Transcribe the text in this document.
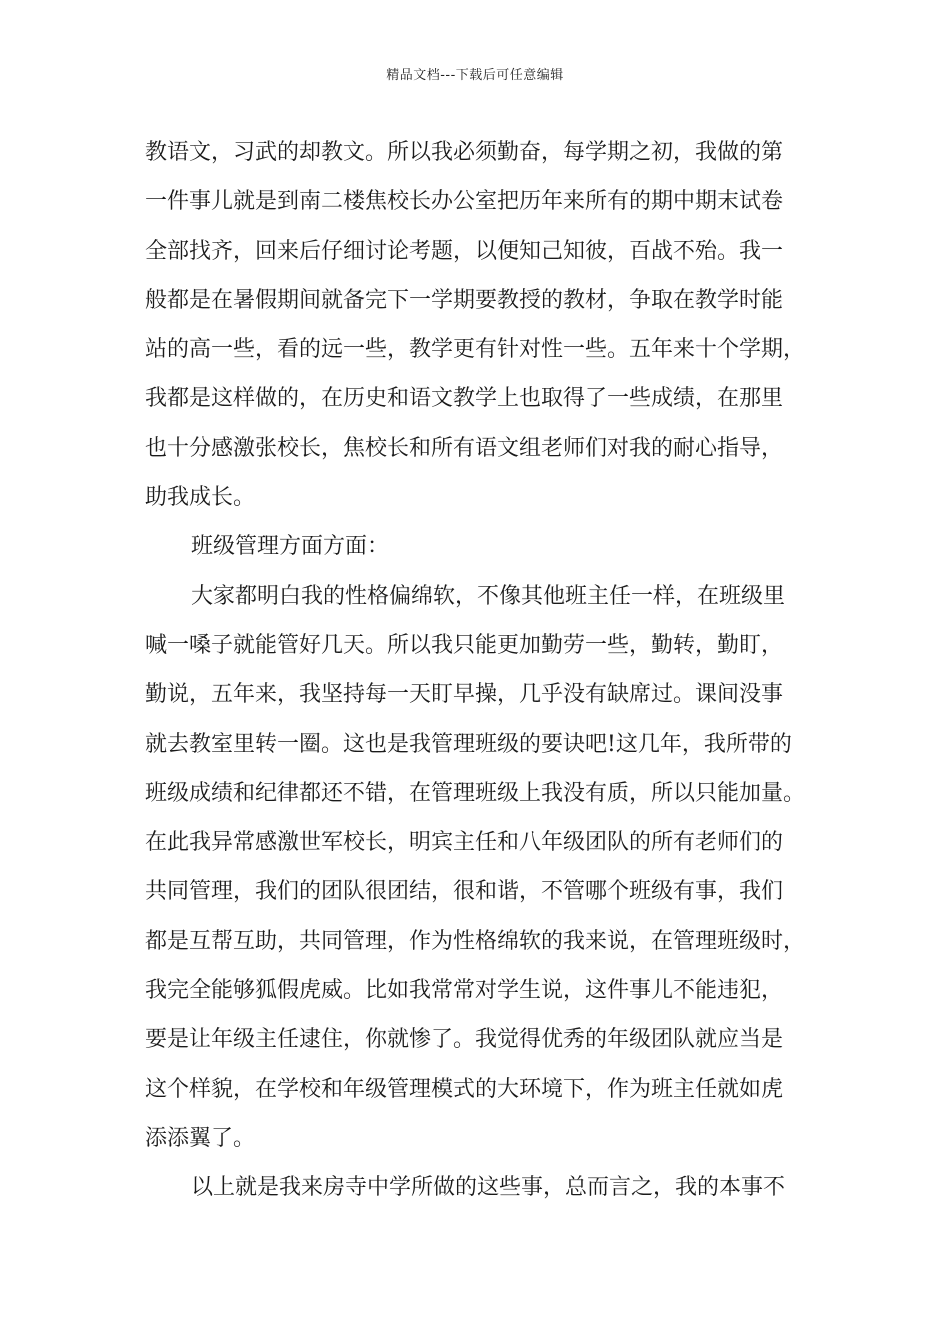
精品文档---下载后可任意编辑
教语文，习武的却教文。所以我必须勤奋，每学期之初，我做的第
一件事儿就是到南二楼焦校长办公室把历年来所有的期中期末试卷
全部找齐，回来后仔细讨论考题，以便知己知彼，百战不殆。我一
般都是在暑假期间就备完下一学期要教授的教材，争取在教学时能
站的高一些，看的远一些，教学更有针对性一些。五年来十个学期，
我都是这样做的，在历史和语文教学上也取得了一些成绩，在那里
也十分感激张校长，焦校长和所有语文组老师们对我的耐心指导，
助我成长。
班级管理方面方面：
大家都明白我的性格偏绵软，不像其他班主任一样，在班级里
喊一嗓子就能管好几天。所以我只能更加勤劳一些，勤转，勤盯，
勤说，五年来，我坚持每一天盯早操，几乎没有缺席过。课间没事
就去教室里转一圈。这也是我管理班级的要诀吧!这几年，我所带的
班级成绩和纪律都还不错，在管理班级上我没有质，所以只能加量。
在此我异常感激世军校长，明宾主任和八年级团队的所有老师们的
共同管理，我们的团队很团结，很和谐，不管哪个班级有事，我们
都是互帮互助，共同管理，作为性格绵软的我来说，在管理班级时，
我完全能够狐假虎威。比如我常常对学生说，这件事儿不能违犯，
要是让年级主任逮住，你就惨了。我觉得优秀的年级团队就应当是
这个样貌，在学校和年级管理模式的大环境下，作为班主任就如虎
添添翼了。
以上就是我来房寺中学所做的这些事，总而言之，我的本事不
